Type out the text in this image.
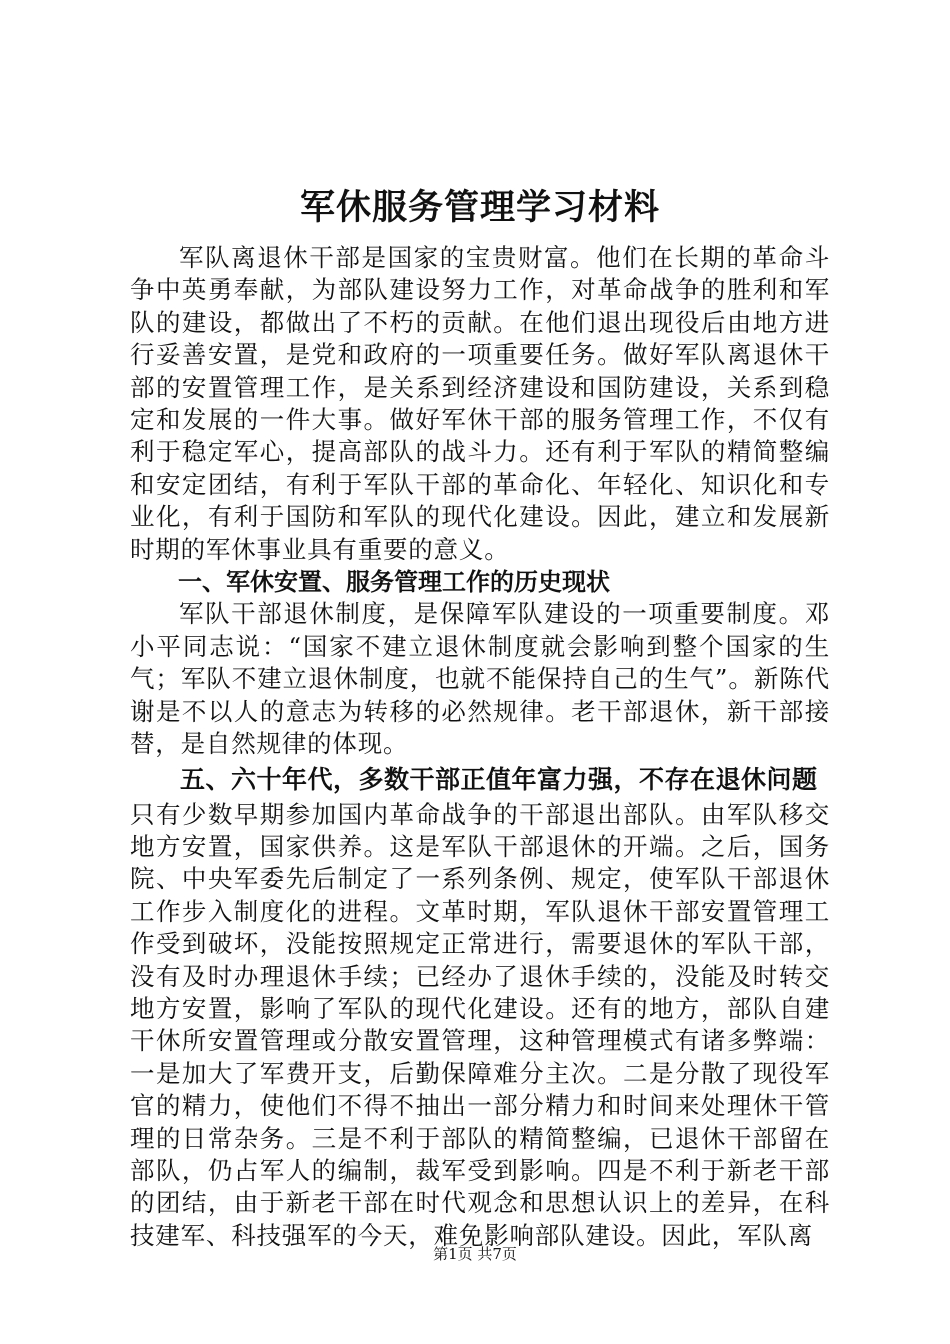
军休服务管理学习材料

军队离退休干部是国家的宝贵财富。他们在长期的革命斗争中英勇奉献，为部队建设努力工作，对革命战争的胜利和军队的建设，都做出了不朽的贡献。在他们退出现役后由地方进行妥善安置，是党和政府的一项重要任务。做好军队离退休干部的安置管理工作，是关系到经济建设和国防建设，关系到稳定和发展的一件大事。做好军休干部的服务管理工作，不仅有利于稳定军心，提高部队的战斗力。还有利于军队的精简整编和安定团结，有利于军队干部的革命化、年轻化、知识化和专业化，有利于国防和军队的现代化建设。因此，建立和发展新时期的军休事业具有重要的意义。

一、军休安置、服务管理工作的历史现状

军队干部退休制度，是保障军队建设的一项重要制度。邓小平同志说：“国家不建立退休制度就会影响到整个国家的生气；军队不建立退休制度，也就不能保持自己的生气”。新陈代谢是不以人的意志为转移的必然规律。老干部退休，新干部接替，是自然规律的体现。

五、六十年代，多数干部正值年富力强，不存在退休问题

只有少数早期参加国内革命战争的干部退出部队。由军队移交地方安置，国家供养。这是军队干部退休的开端。之后，国务院、中央军委先后制定了一系列条例、规定，使军队干部退休工作步入制度化的进程。文革时期，军队退休干部安置管理工作受到破坏，没能按照规定正常进行，需要退休的军队干部，没有及时办理退休手续；已经办了退休手续的，没能及时转交地方安置，影响了军队的现代化建设。还有的地方，部队自建干休所安置管理或分散安置管理，这种管理模式有诸多弊端：一是加大了军费开支，后勤保障难分主次。二是分散了现役军官的精力，使他们不得不抽出一部分精力和时间来处理休干管理的日常杂务。三是不利于部队的精简整编，已退休干部留在部队，仍占军人的编制，裁军受到影响。四是不利于新老干部的团结，由于新老干部在时代观念和思想认识上的差异，在科技建军、科技强军的今天，难免影响部队建设。因此，军队离

第1页 共7页
